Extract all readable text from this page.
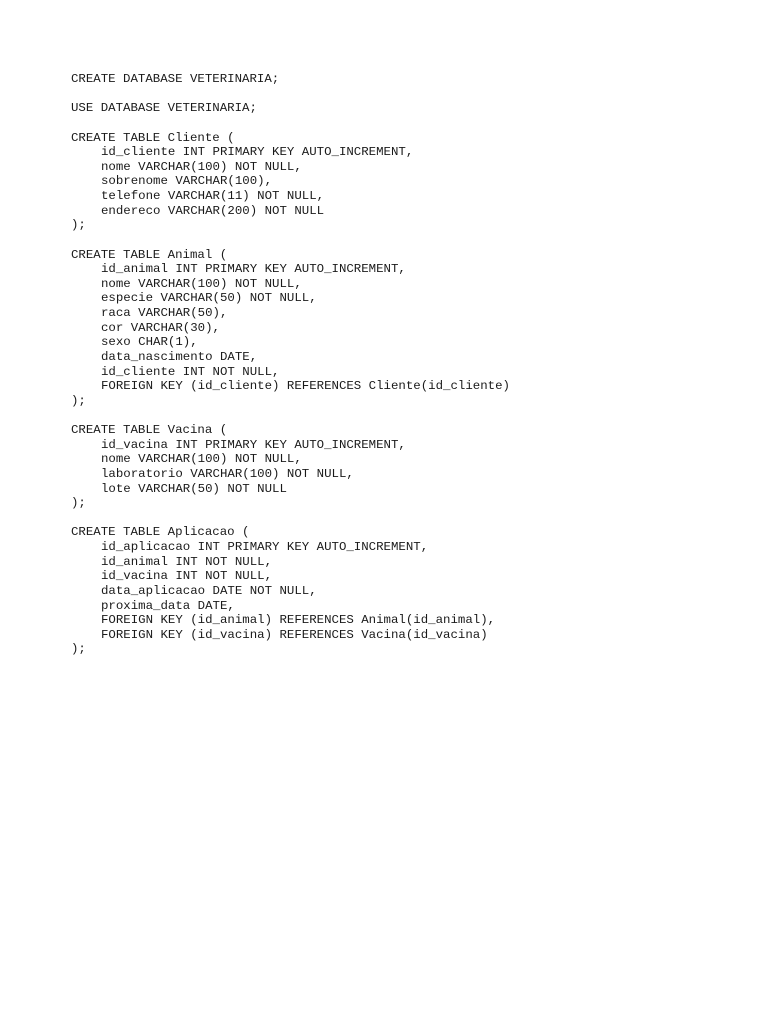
CREATE DATABASE VETERINARIA;
USE DATABASE VETERINARIA;
CREATE TABLE Cliente (
id_cliente INT PRIMARY KEY AUTO_INCREMENT,
nome VARCHAR(100) NOT NULL,
sobrenome VARCHAR(100),
telefone VARCHAR(11) NOT NULL,
endereco VARCHAR(200) NOT NULL
);
CREATE TABLE Animal (
id_animal INT PRIMARY KEY AUTO_INCREMENT,
nome VARCHAR(100) NOT NULL,
especie VARCHAR(50) NOT NULL,
raca VARCHAR(50),
cor VARCHAR(30),
sexo CHAR(1),
data_nascimento DATE,
id_cliente INT NOT NULL,
FOREIGN KEY (id_cliente) REFERENCES Cliente(id_cliente)
);
CREATE TABLE Vacina (
id_vacina INT PRIMARY KEY AUTO_INCREMENT,
nome VARCHAR(100) NOT NULL,
laboratorio VARCHAR(100) NOT NULL,
lote VARCHAR(50) NOT NULL
);
CREATE TABLE Aplicacao (
id_aplicacao INT PRIMARY KEY AUTO_INCREMENT,
id_animal INT NOT NULL,
id_vacina INT NOT NULL,
data_aplicacao DATE NOT NULL,
proxima_data DATE,
FOREIGN KEY (id_animal) REFERENCES Animal(id_animal),
FOREIGN KEY (id_vacina) REFERENCES Vacina(id_vacina)
);
